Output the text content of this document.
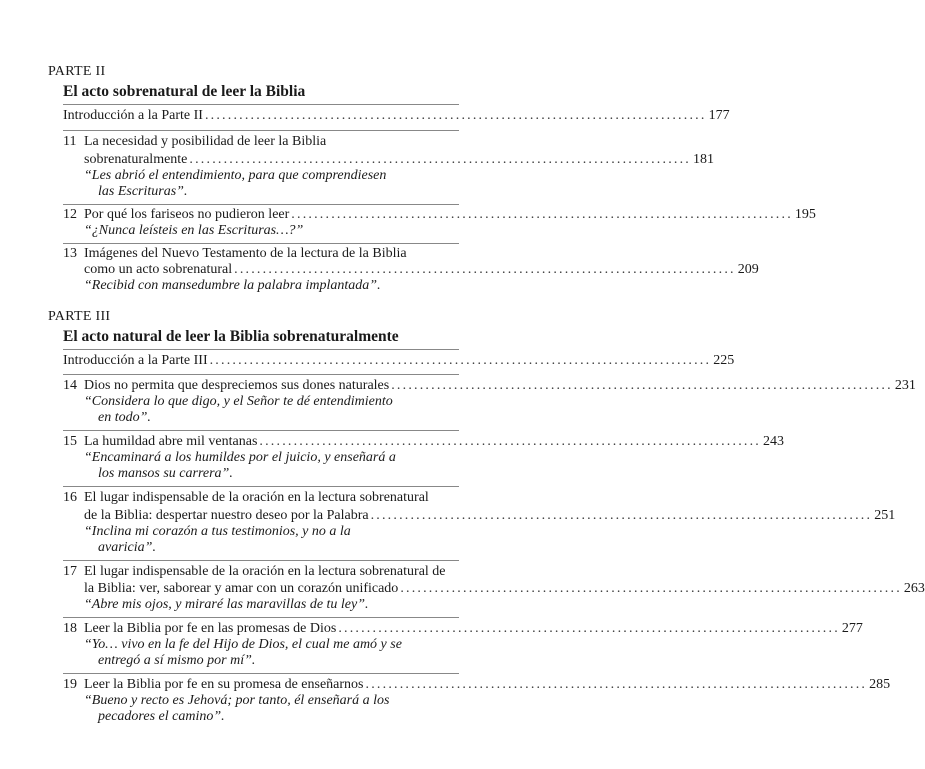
PARTE II
El acto sobrenatural de leer la Biblia
Introducción a la Parte II ........................................................................................ 177
11 La necesidad y posibilidad de leer la Biblia
sobrenaturalmente ........................................................................................ 181
“Les abrió el entendimiento, para que comprendiesen
las Escrituras”.
12 Por qué los fariseos no pudieron leer ........................................................................................ 195
“¿Nunca leísteis en las Escrituras…?”
13 Imágenes del Nuevo Testamento de la lectura de la Biblia
como un acto sobrenatural ........................................................................................ 209
“Recibid con mansedumbre la palabra implantada”.
PARTE III
El acto natural de leer la Biblia sobrenaturalmente
Introducción a la Parte III ........................................................................................ 225
14 Dios no permita que despreciemos sus dones naturales ........................................................................................ 231
“Considera lo que digo, y el Señor te dé entendimiento
en todo”.
15 La humildad abre mil ventanas ........................................................................................ 243
“Encaminará a los humildes por el juicio, y enseñará a
los mansos su carrera”.
16 El lugar indispensable de la oración en la lectura sobrenatural
de la Biblia: despertar nuestro deseo por la Palabra ........................................................................................ 251
“Inclina mi corazón a tus testimonios, y no a la
avaricia”.
17 El lugar indispensable de la oración en la lectura sobrenatural de
la Biblia: ver, saborear y amar con un corazón unificado ........................................................................................ 263
“Abre mis ojos, y miraré las maravillas de tu ley”.
18 Leer la Biblia por fe en las promesas de Dios ........................................................................................ 277
“Yo… vivo en la fe del Hijo de Dios, el cual me amó y se
entregó a sí mismo por mí”.
19 Leer la Biblia por fe en su promesa de enseñarnos ........................................................................................ 285
“Bueno y recto es Jehová; por tanto, él enseñará a los
pecadores el camino”.
